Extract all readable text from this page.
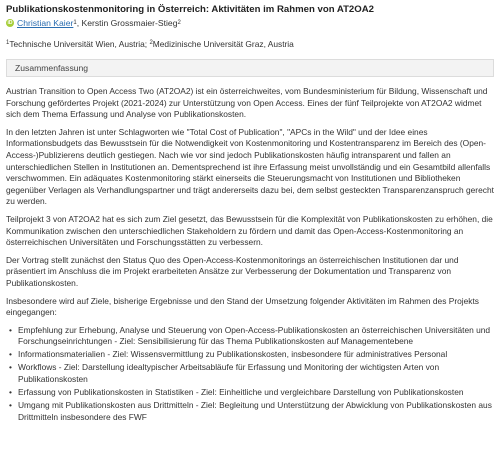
Publikationskostenmonitoring in Österreich: Aktivitäten im Rahmen von AT2OA2
iD Christian Kaier 1 , Kerstin Grossmaier-Stieg 2
$^1$Technische Universität Wien, Austria; $^2$Medizinische Universität Graz, Austria
Zusammenfassung

Austrian Transition to Open Access Two (AT2OA2) ist ein österreichweites, vom Bundesministerium für Bildung, Wissenschaft und Forschung gefördertes Projekt (2021-2024) zur Unterstützung von Open Access. Eines der fünf Teilprojekte von AT2OA2 widmet sich dem Thema Erfassung und Analyse von Publikationskosten.

In den letzten Jahren ist unter Schlagworten wie "Total Cost of Publication", "APCs in the Wild" und der Idee eines Informationsbudgets das Bewusstsein für die Notwendigkeit von Kostenmonitoring und Kostentransparenz im Bereich des (Open-Access-)Publizierens deutlich gestiegen. Nach wie vor sind jedoch Publikationskosten häufig intransparent und fallen an unterschiedlichen Stellen in Institutionen an. Dementsprechend ist ihre Erfassung meist unvollständig und ein Gesamtbild allenfalls verschwommen. Ein adäquates Kostenmonitoring stärkt einerseits die Steuerungsmacht von Institutionen und Bibliotheken gegenüber Verlagen als Verhandlungspartner und trägt andererseits dazu bei, dem selbst gesteckten Transparenzanspruch gerecht zu werden.

Teilprojekt 3 von AT2OA2 hat es sich zum Ziel gesetzt, das Bewusstsein für die Komplexität von Publikationskosten zu erhöhen, die Kommunikation zwischen den unterschiedlichen Stakeholdern zu fördern und damit das Open-Access-Kostenmonitoring an österreichischen Universitäten und Forschungsstätten zu verbessern.

Der Vortrag stellt zunächst den Status Quo des Open-Access-Kostenmonitorings an österreichischen Institutionen dar und präsentiert im Anschluss die im Projekt erarbeiteten Ansätze zur Verbesserung der Dokumentation und Transparenz von Publikationskosten.

Insbesondere wird auf Ziele, bisherige Ergebnisse und den Stand der Umsetzung folgender Aktivitäten im Rahmen des Projekts eingegangen:

• Empfehlung zur Erhebung, Analyse und Steuerung von Open-Access-Publikationskosten an österreichischen Universitäten und Forschungseinrichtungen - Ziel: Sensibilisierung für das Thema Publikationskosten auf Managementebene
• Informationsmaterialien - Ziel: Wissensvermittlung zu Publikationskosten, insbesondere für administratives Personal
• Workflows - Ziel: Darstellung idealtypischer Arbeitsabläufe für Erfassung und Monitoring der wichtigsten Arten von Publikationskosten
• Erfassung von Publikationskosten in Statistiken - Ziel: Einheitliche und vergleichbare Darstellung von Publikationskosten
• Umgang mit Publikationskosten aus Drittmitteln - Ziel: Begleitung und Unterstützung der Abwicklung von Publikationskosten aus Drittmitteln insbesondere des FWF
